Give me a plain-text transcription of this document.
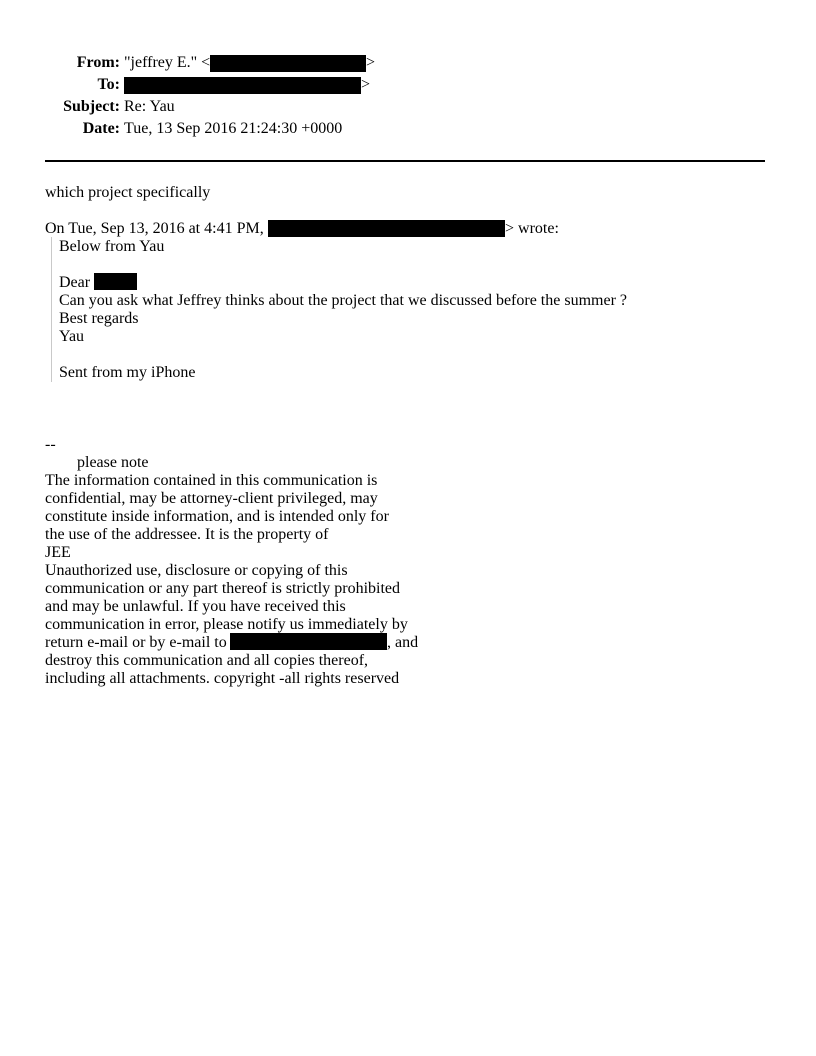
From: "jeffrey E." <	>
To:	>
Subject: Re: Yau
Date: Tue, 13 Sep 2016 21:24:30 +0000
which project specifically
On Tue, Sep 13, 2016 at 4:41 PM,	> wrote:
Below from Yau
Dear
Can you ask what Jeffrey thinks about the project that we discussed before the summer ?
Best regards
Yau
Sent from my iPhone
--
please note
The information contained in this communication is
confidential, may be attorney-client privileged, may
constitute inside information, and is intended only for
the use of the addressee. It is the property of
JEE
Unauthorized use, disclosure or copying of this
communication or any part thereof is strictly prohibited
and may be unlawful. If you have received this
communication in error, please notify us immediately by
return e-mail or by e-mail to	, and
destroy this communication and all copies thereof,
including all attachments. copyright -all rights reserved
